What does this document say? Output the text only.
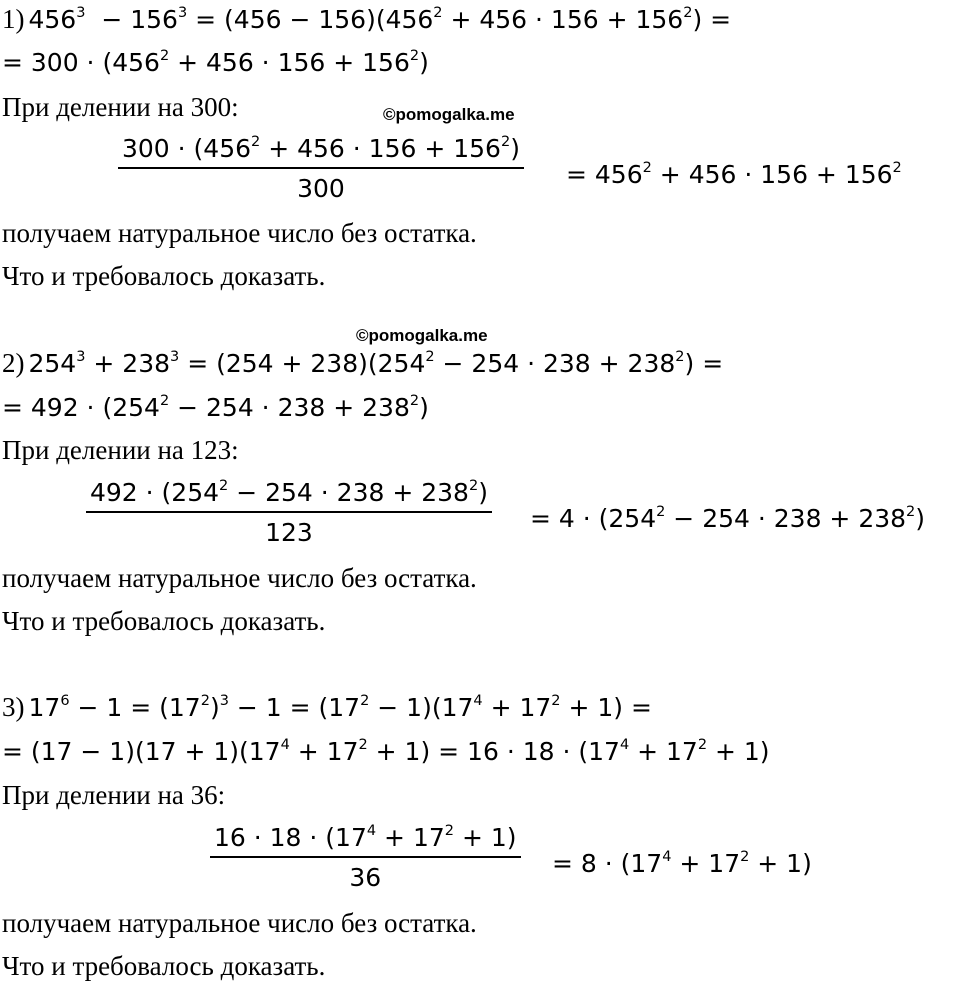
1) $456^3 - 156^3 = (456 - 156)(456^2 + 456 \cdot 156 + 156^2)$ =
= $300 \cdot (456^2 + 456 \cdot 156 + 156^2)$
При делении на 300:	©pomogalka.me
$300 \cdot (456^2 + 456 \cdot 156 + 156^2)$
300	= $456^2 + 456 \cdot 156 + 156^2$
получаем натуральное число без остатка.
Что и требовалось доказать.
©pomogalka.me
2) $254^3 + 238^3 = (254 + 238)(254^2 - 254 \cdot 238 + 238^2)$ =
= $492 \cdot (254^2 - 254 \cdot 238 + 238^2)$
При делении на 123:
$492 \cdot (254^2 - 254 \cdot 238 + 238^2)$
123	= $4 \cdot (254^2 - 254 \cdot 238 + 238^2)$
получаем натуральное число без остатка.
Что и требовалось доказать.
3) $17^6 - 1 = (17^2)^3 - 1 = (17^2 - 1)(17^4 + 17^2 + 1)$ =
= $(17 - 1)(17 + 1)(17^4 + 17^2 + 1) = 16 \cdot 18 \cdot (17^4 + 17^2 + 1)$
При делении на 36:
$16 \cdot 18 \cdot (17^4 + 17^2 + 1)$
36	= $8 \cdot (17^4 + 17^2 + 1)$
получаем натуральное число без остатка.
Что и требовалось доказать.
